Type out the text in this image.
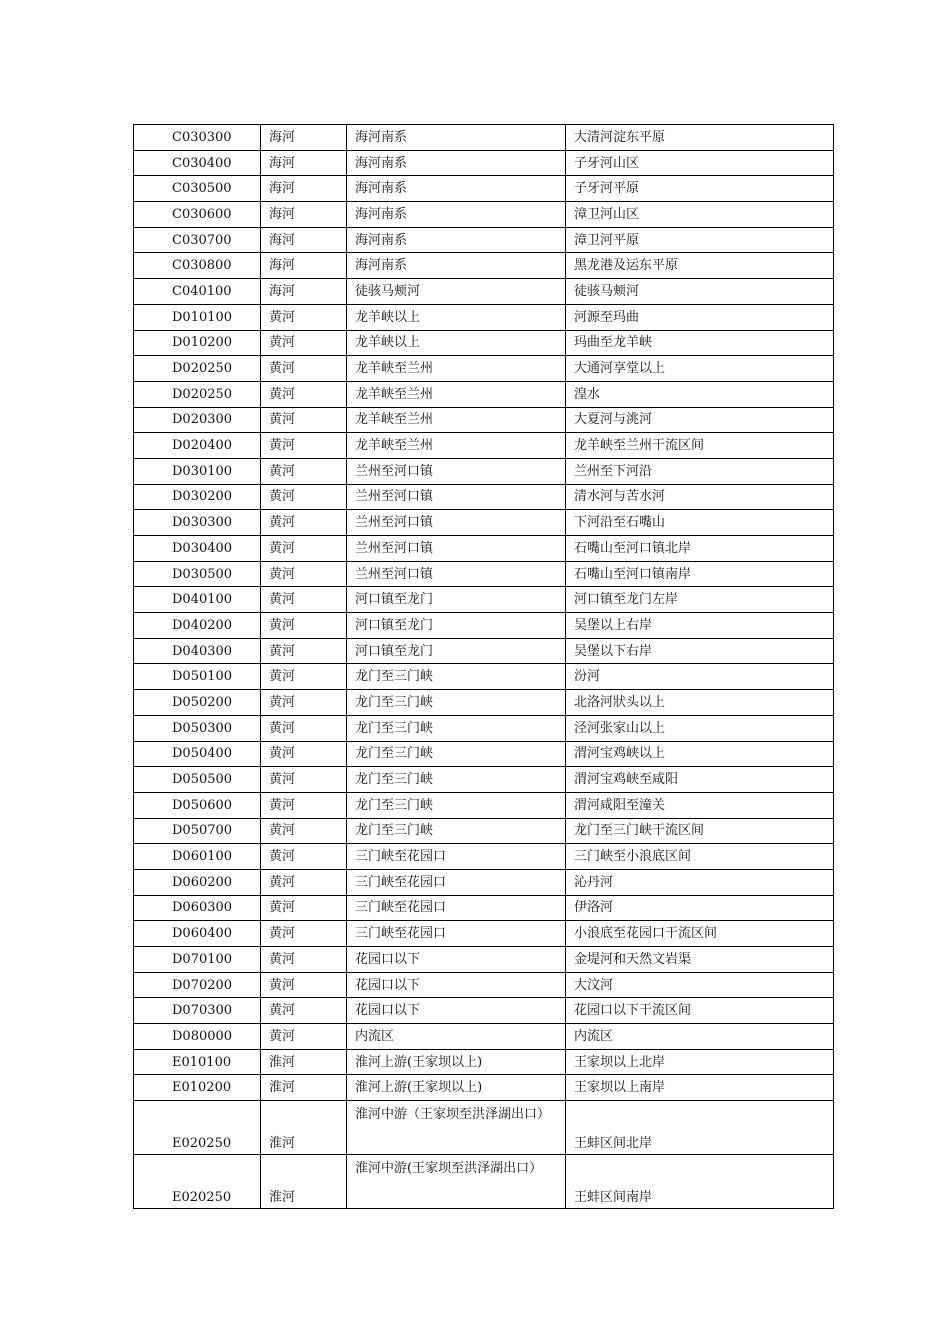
C030300	海河	海河南系	大清河淀东平原
C030400	海河	海河南系	子牙河山区
C030500	海河	海河南系	子牙河平原
C030600	海河	海河南系	漳卫河山区
C030700	海河	海河南系	漳卫河平原
C030800	海河	海河南系	黑龙港及运东平原
C040100	海河	徒骇马颊河	徒骇马颊河
D010100	黄河	龙羊峡以上	河源至玛曲
D010200	黄河	龙羊峡以上	玛曲至龙羊峡
D020250	黄河	龙羊峡至兰州	大通河享堂以上
D020250	黄河	龙羊峡至兰州	湟水
D020300	黄河	龙羊峡至兰州	大夏河与洮河
D020400	黄河	龙羊峡至兰州	龙羊峡至兰州干流区间
D030100	黄河	兰州至河口镇	兰州至下河沿
D030200	黄河	兰州至河口镇	清水河与苦水河
D030300	黄河	兰州至河口镇	下河沿至石嘴山
D030400	黄河	兰州至河口镇	石嘴山至河口镇北岸
D030500	黄河	兰州至河口镇	石嘴山至河口镇南岸
D040100	黄河	河口镇至龙门	河口镇至龙门左岸
D040200	黄河	河口镇至龙门	吴堡以上右岸
D040300	黄河	河口镇至龙门	吴堡以下右岸
D050100	黄河	龙门至三门峡	汾河
D050200	黄河	龙门至三门峡	北洛河狀头以上
D050300	黄河	龙门至三门峡	泾河张家山以上
D050400	黄河	龙门至三门峡	渭河宝鸡峡以上
D050500	黄河	龙门至三门峡	渭河宝鸡峡至咸阳
D050600	黄河	龙门至三门峡	渭河咸阳至潼关
D050700	黄河	龙门至三门峡	龙门至三门峡干流区间
D060100	黄河	三门峡至花园口	三门峡至小浪底区间
D060200	黄河	三门峡至花园口	沁丹河
D060300	黄河	三门峡至花园口	伊洛河
D060400	黄河	三门峡至花园口	小浪底至花园口干流区间
D070100	黄河	花园口以下	金堤河和天然文岩渠
D070200	黄河	花园口以下	大汶河
D070300	黄河	花园口以下	花园口以下干流区间
D080000	黄河	内流区	内流区
E010100	淮河	淮河上游(王家坝以上)	王家坝以上北岸
E010200	淮河	淮河上游(王家坝以上)	王家坝以上南岸
E020250	淮河	淮河中游（王家坝至洪泽湖出口）	王蚌区间北岸
E020250	淮河	淮河中游(王家坝至洪泽湖出口）	王蚌区间南岸
